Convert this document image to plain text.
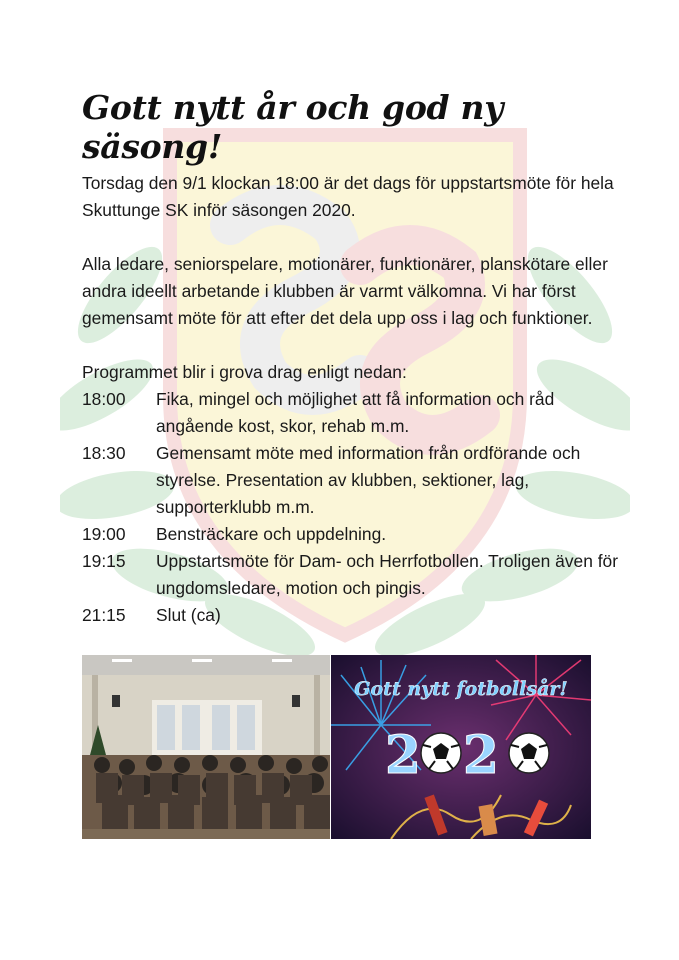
Gott nytt år och god ny säsong!

Torsdag den 9/1 klockan 18:00 är det dags för uppstartsmöte för hela Skuttunge SK inför säsongen 2020.

Alla ledare, seniorspelare, motionärer, funktionärer, planskötare eller andra ideellt arbetande i klubben är varmt välkomna. Vi har först gemensamt möte för att efter det dela upp oss i lag och funktioner.

Programmet blir i grova drag enligt nedan:

18:00	Fika, mingel och möjlighet att få information och råd angående kost, skor, rehab m.m.
18:30	Gemensamt möte med information från ordförande och styrelse. Presentation av klubben, sektioner, lag, supporterklubb m.m.
19:00	Bensträckare och uppdelning.
19:15	Uppstartsmöte för Dam- och Herrfotbollen. Troligen även för ungdomsledare, motion och pingis.
21:15	Slut (ca)
Gott nytt fotbollsår!
2 2
